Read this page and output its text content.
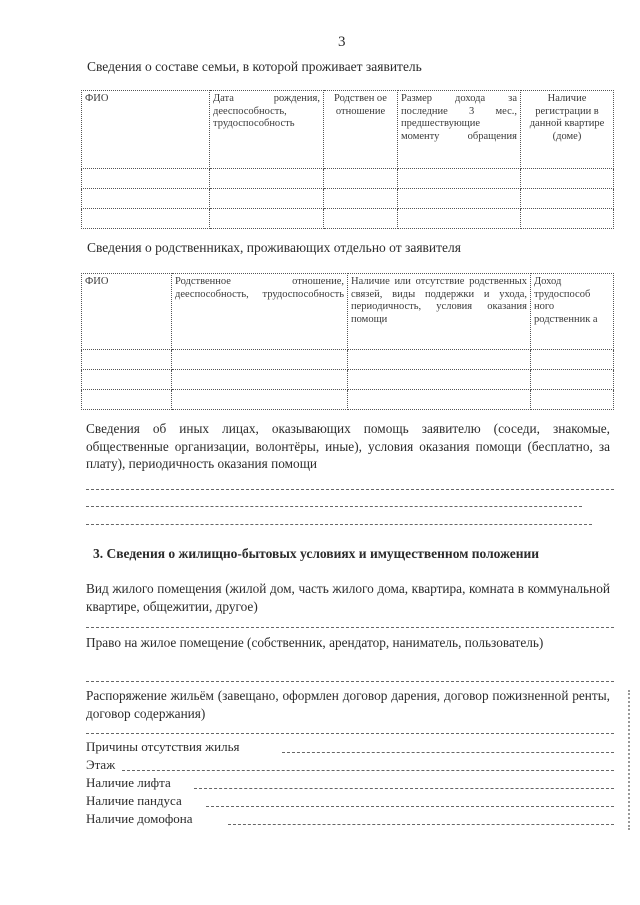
3
Сведения о составе семьи, в которой проживает заявитель
ФИО	Дата рождения, дееспособность, трудоспособность	Родствен ое отношение	Размер дохода за последние 3 мес., предшествующие моменту обращения	Наличие регистрации в данной квартире (доме)

Сведения о родственниках, проживающих отдельно от заявителя
ФИО	Родственное отношение, дееспособность, трудоспособность	Наличие или отсутствие родственных связей, виды поддержки и ухода, периодичность, условия оказания помощи	Доход трудоспособ ного родственник а

Сведения об иных лицах, оказывающих помощь заявителю (соседи, знакомые, общественные организации, волонтёры, иные), условия оказания помощи (бесплатно, за плату), периодичность оказания помощи
3. Сведения о жилищно-бытовых условиях и имущественном положении
Вид жилого помещения (жилой дом, часть жилого дома, квартира, комната в коммунальной квартире, общежитии, другое)
Право на жилое помещение (собственник, арендатор, наниматель, пользователь)
Распоряжение жильём (завещано, оформлен договор дарения, договор пожизненной ренты, договор содержания)
Причины отсутствия жилья
Этаж
Наличие лифта
Наличие пандуса
Наличие домофона
